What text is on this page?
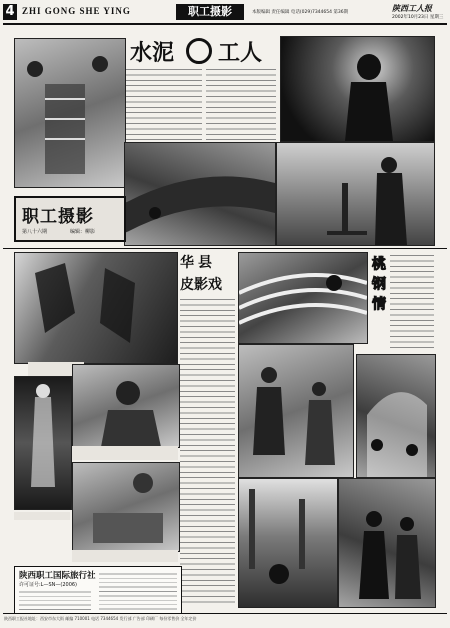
4 ZHI GONG SHE YING	职工摄影	本版编辑 责任编辑 电话(029)7344654 第36期	陕西工人报
2002年10月23日 星期三
水泥 工人
职工摄影
第八十六期	编辑：柳影
华县
皮影戏	桃钢情
陕西职工国际旅行社
许可证号:L—SN—(2006)
陕西职工报社地址：西安市东大街 邮编 710001 电话 7344654 发行部 广告部 印刷厂 每份零售价 全年定价
